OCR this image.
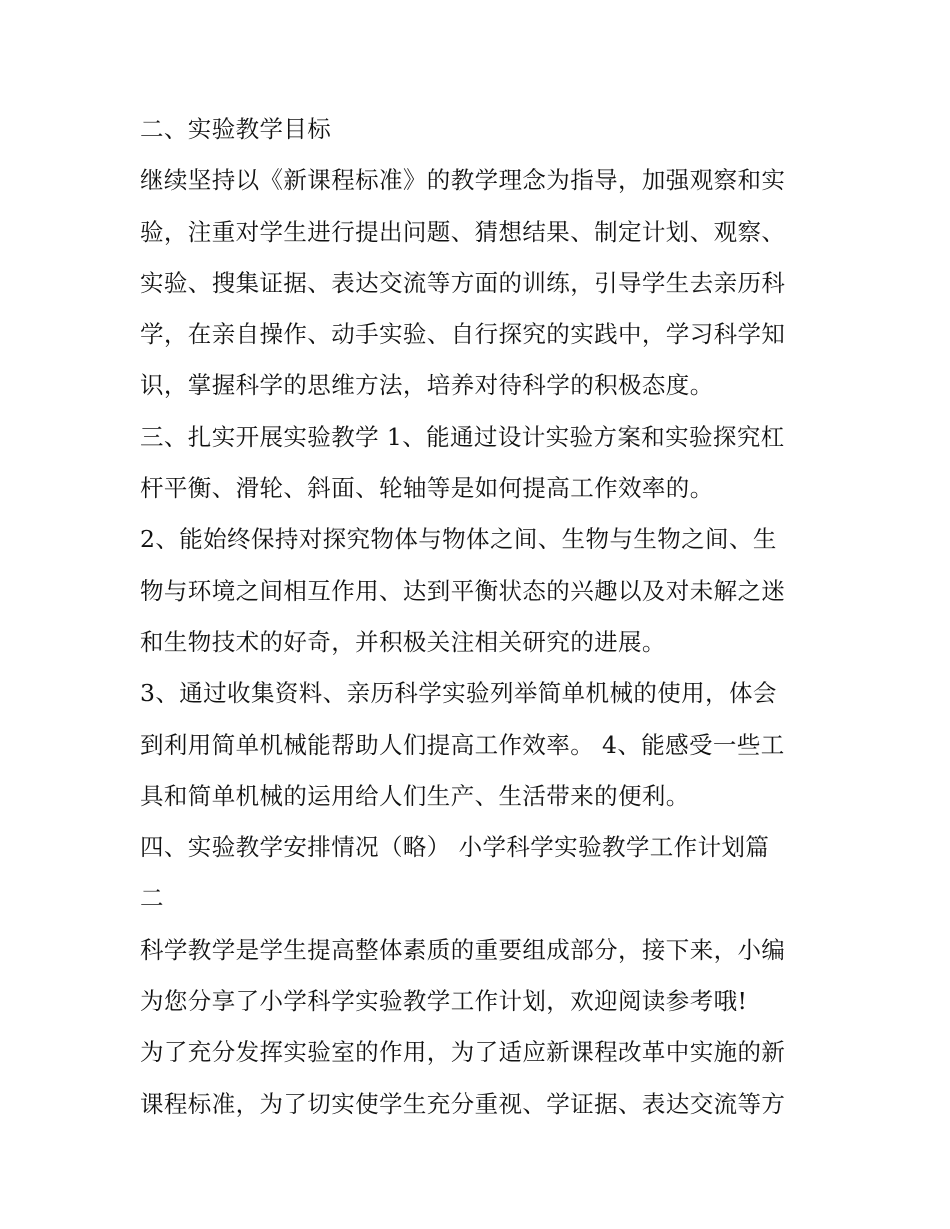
二、实验教学目标
继续坚持以《新课程标准》的教学理念为指导，加强观察和实
验，注重对学生进行提出问题、猜想结果、制定计划、观察、
实验、搜集证据、表达交流等方面的训练，引导学生去亲历科
学，在亲自操作、动手实验、自行探究的实践中，学习科学知
识，掌握科学的思维方法，培养对待科学的积极态度。
三、扎实开展实验教学 1、能通过设计实验方案和实验探究杠
杆平衡、滑轮、斜面、轮轴等是如何提高工作效率的。
2、能始终保持对探究物体与物体之间、生物与生物之间、生
物与环境之间相互作用、达到平衡状态的兴趣以及对未解之迷
和生物技术的好奇，并积极关注相关研究的进展。
3、通过收集资料、亲历科学实验列举简单机械的使用，体会
到利用简单机械能帮助人们提高工作效率。 4、能感受一些工
具和简单机械的运用给人们生产、生活带来的便利。
四、实验教学安排情况（略） 小学科学实验教学工作计划篇
二
科学教学是学生提高整体素质的重要组成部分，接下来，小编
为您分享了小学科学实验教学工作计划，欢迎阅读参考哦!
为了充分发挥实验室的作用，为了适应新课程改革中实施的新
课程标准，为了切实使学生充分重视、学证据、表达交流等方
